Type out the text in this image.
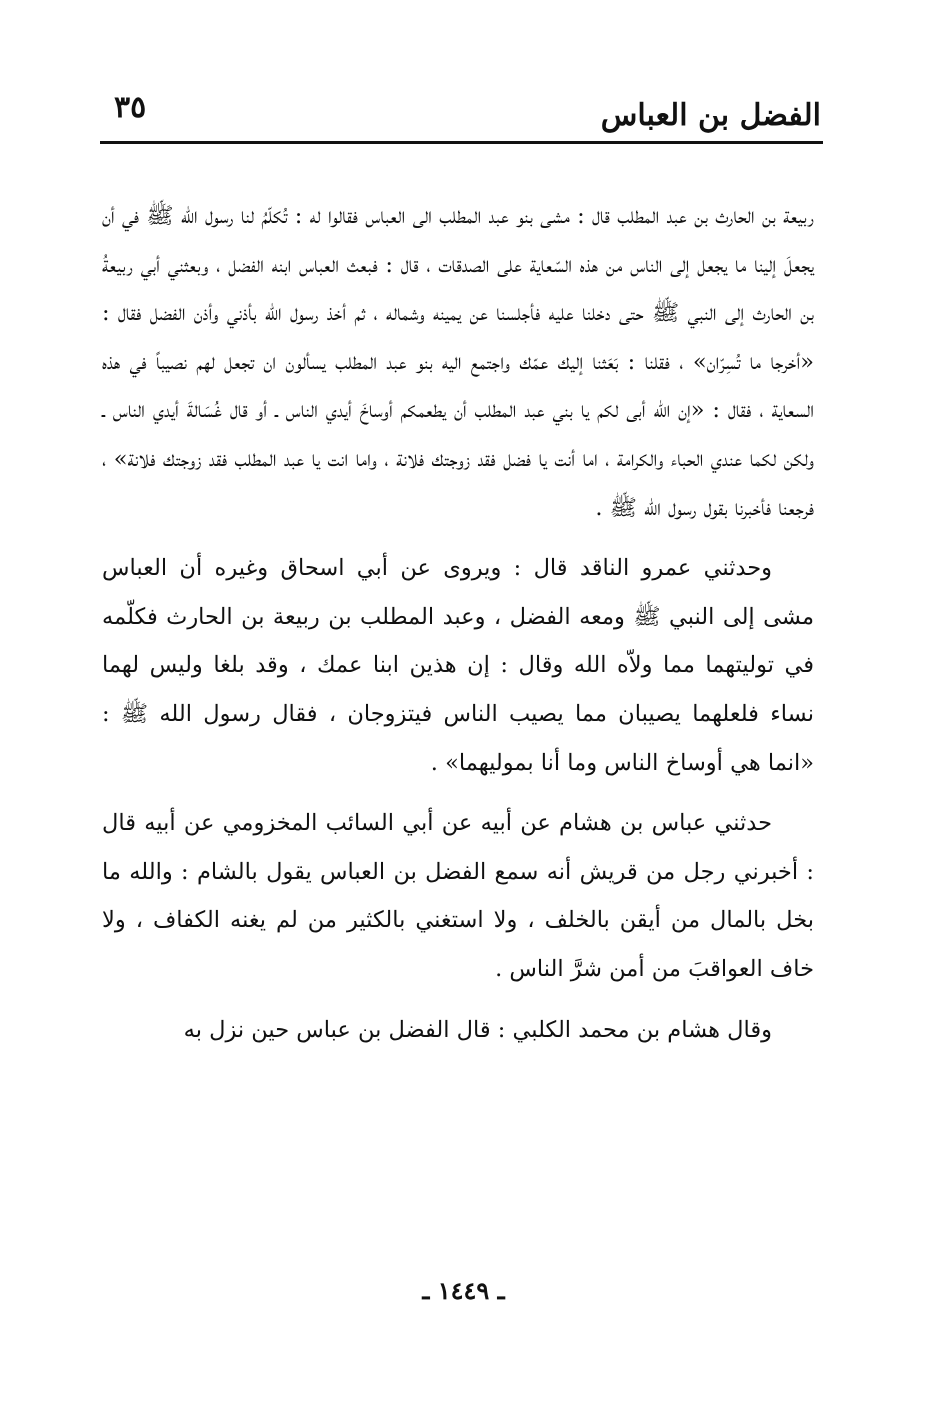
الفضل بن العباس
٣٥

ربيعة بن الحارث بن عبد المطلب قال : مشى بنو عبد المطلب الى العباس فقالوا له : تُكلّمُ لنا رسول الله ﷺ في أن يجعلَ إلينا ما يجعل إلى الناس من هذه السّعاية على الصدقات ، قال : فبعث العباس ابنه الفضل ، وبعثني أبي ربيعةُ بن الحارث إلى النبي ﷺ حتى دخلنا عليه فأجلسنا عن يمينه وشماله ، ثم أخذ رسول الله بأذني وأذن الفضل فقال : «أخرجا ما تُسِرّان» ، فقلنا : بَعَثنا إليك عمّك واجتمع اليه بنو عبد المطلب يسألون ان تجعل لهم نصيباً في هذه السعاية ، فقال : «إن الله أبى لكم يا بني عبد المطلب أن يطعمكم أوساخَ أيدي الناس ـ أو قال غُسَالةَ أيدي الناس ـ ولكن لكما عندي الحباء والكرامة ، اما أنت يا فضل فقد زوجتك فلانة ، واما انت يا عبد المطلب فقد زوجتك فلانة» ، فرجعنا فأخبرنا بقول رسول الله ﷺ .

وحدثني عمرو الناقد قال : ويروى عن أبي اسحاق وغيره أن العباس مشى إلى النبي ﷺ ومعه الفضل ، وعبد المطلب بن ربيعة بن الحارث فكلّمه في توليتهما مما ولاّه الله وقال : إن هذين ابنا عمك ، وقد بلغا وليس لهما نساء فلعلهما يصيبان مما يصيب الناس فيتزوجان ، فقال رسول الله ﷺ : «انما هي أوساخ الناس وما أنا بموليهما» .

حدثني عباس بن هشام عن أبيه عن أبي السائب المخزومي عن أبيه قال : أخبرني رجل من قريش أنه سمع الفضل بن العباس يقول بالشام : والله ما بخل بالمال من أيقن بالخلف ، ولا استغني بالكثير من لم يغنه الكفاف ، ولا خاف العواقبَ من أمن شرَّ الناس .

وقال هشام بن محمد الكلبي : قال الفضل بن عباس حين نزل به

ـ ١٤٤٩ ـ
